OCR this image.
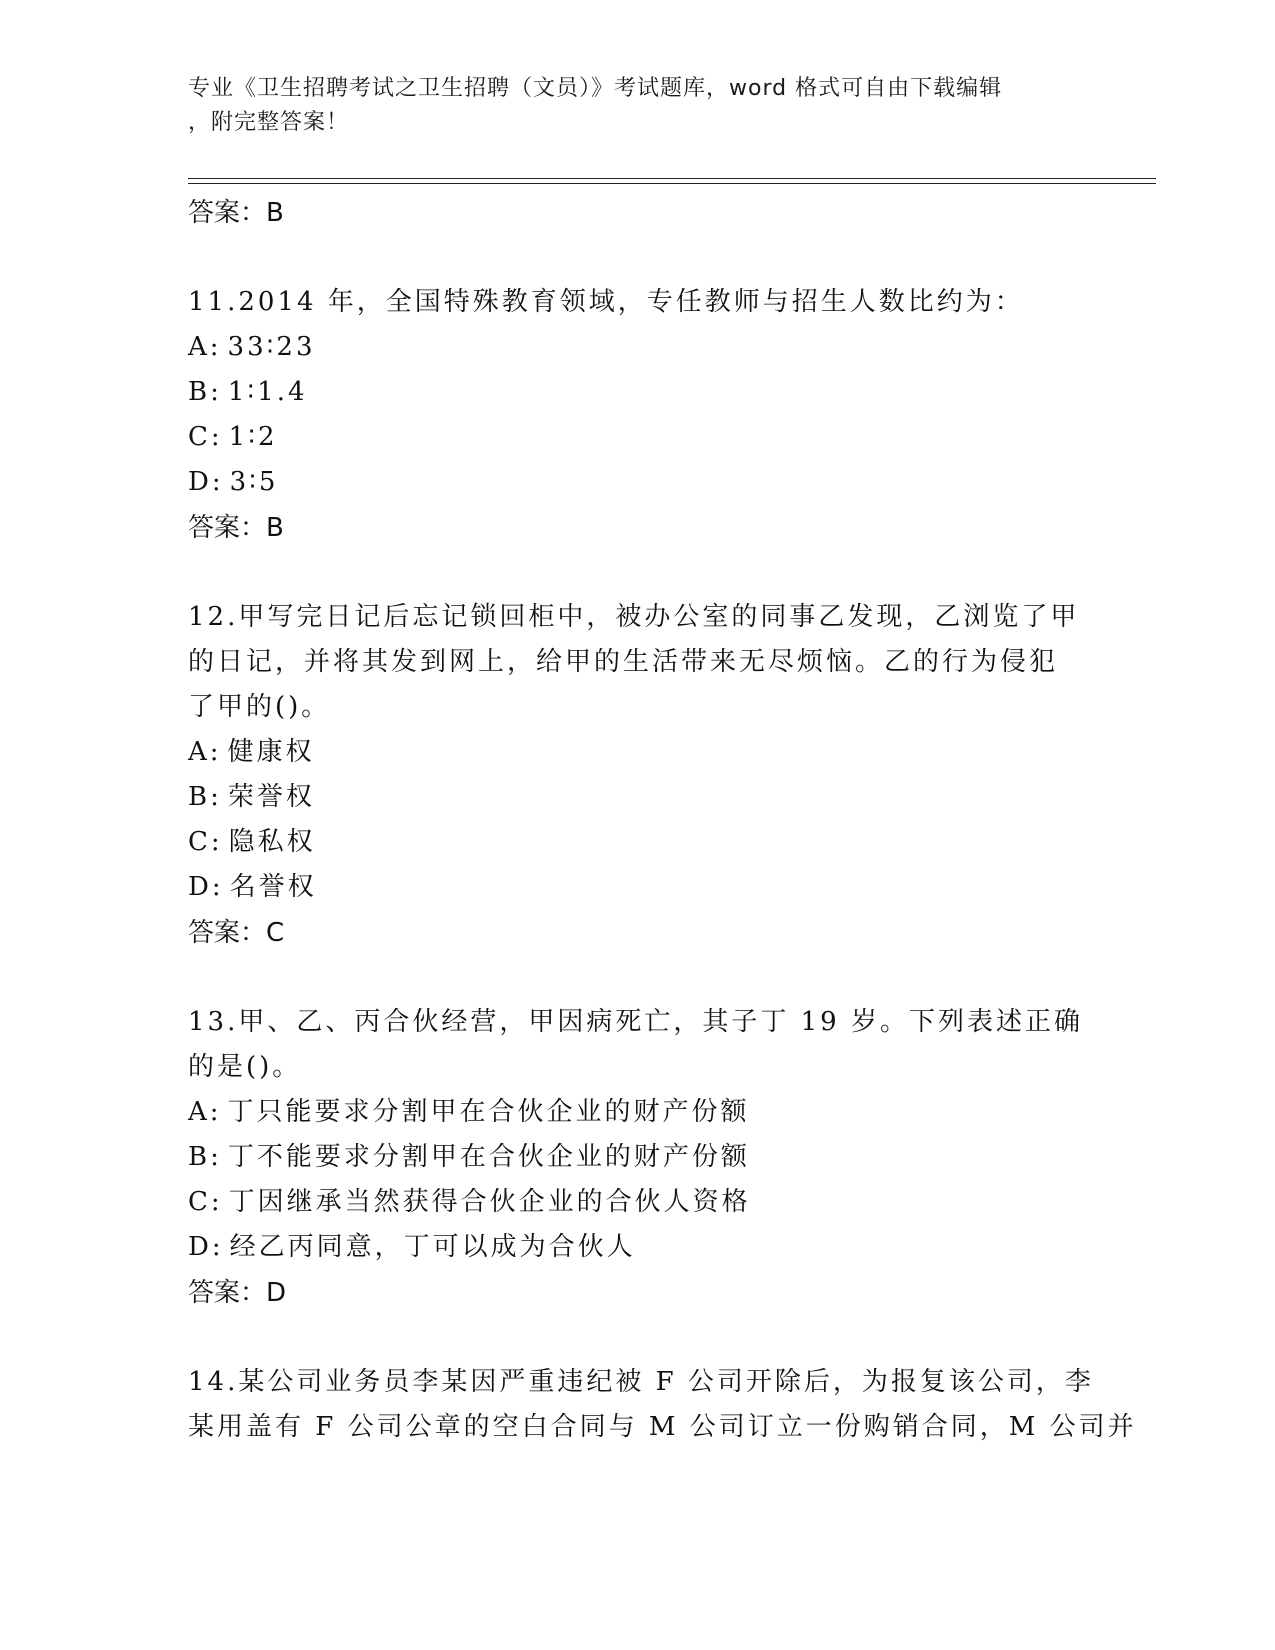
专业《卫生招聘考试之卫生招聘（文员）》考试题库，word 格式可自由下载编辑
，附完整答案！
答案：B
11.2014 年，全国特殊教育领域，专任教师与招生人数比约为：
A: 33∶23
B: 1∶1.4
C: 1∶2
D: 3∶5
答案：B
12.甲写完日记后忘记锁回柜中，被办公室的同事乙发现，乙浏览了甲
的日记，并将其发到网上，给甲的生活带来无尽烦恼。乙的行为侵犯
了甲的()。
A: 健康权
B: 荣誉权
C: 隐私权
D: 名誉权
答案：C
13.甲、乙、丙合伙经营，甲因病死亡，其子丁 19 岁。下列表述正确
的是()。
A: 丁只能要求分割甲在合伙企业的财产份额
B: 丁不能要求分割甲在合伙企业的财产份额
C: 丁因继承当然获得合伙企业的合伙人资格
D: 经乙丙同意，丁可以成为合伙人
答案：D
14.某公司业务员李某因严重违纪被 F 公司开除后，为报复该公司，李
某用盖有 F 公司公章的空白合同与 M 公司订立一份购销合同，M 公司并
